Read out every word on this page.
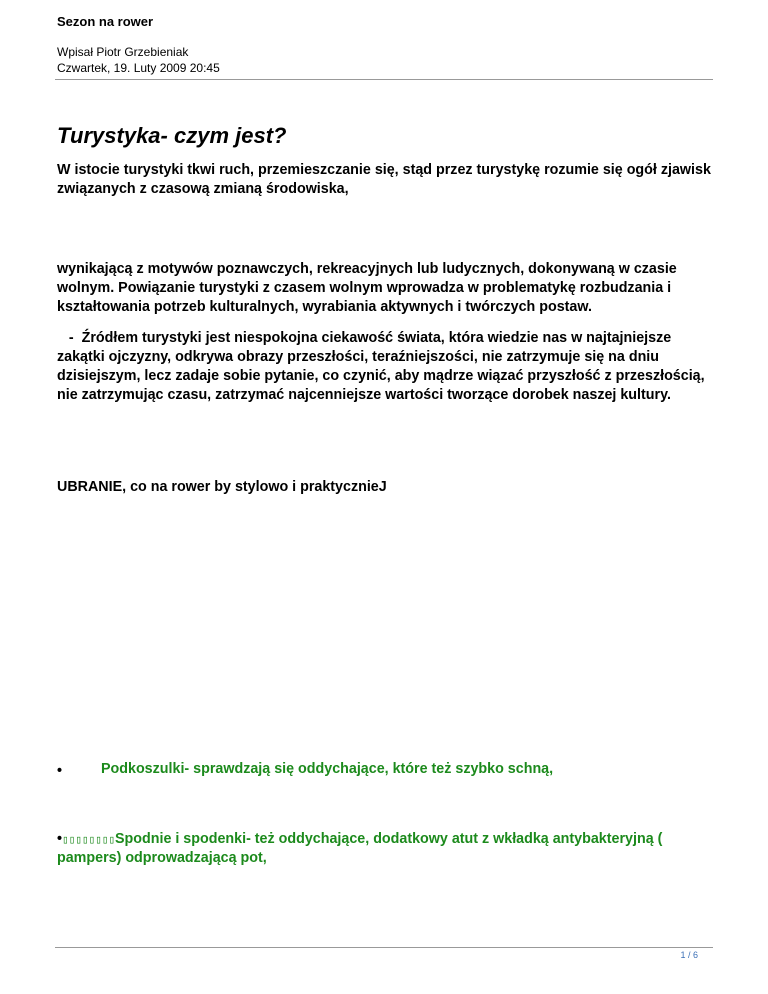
Sezon na rower
Wpisał Piotr Grzebieniak
Czwartek, 19. Luty 2009 20:45
Turystyka- czym jest?
W istocie turystyki tkwi ruch, przemieszczanie się, stąd przez turystykę rozumie się ogół zjawisk związanych z czasową zmianą środowiska,
wynikającą z motywów poznawczych, rekreacyjnych lub ludycznych, dokonywaną w czasie wolnym. Powiązanie turystyki z czasem wolnym wprowadza w problematykę rozbudzania i kształtowania potrzeb kulturalnych, wyrabiania aktywnych i twórczych postaw.
-  Źródłem turystyki jest niespokojna ciekawość świata, która wiedzie nas w najtajniejsze zakątki ojczyzny, odkrywa obrazy przeszłości, teraźniejszości, nie zatrzymuje się na dniu dzisiejszym, lecz zadaje sobie pytanie, co czynić, aby mądrze wiązać przyszłość z przeszłością, nie zatrzymując czasu, zatrzymać najcenniejsze wartości tworzące dorobek naszej kultury.
UBRANIE, co na rower by stylowo i praktycznieJ
•	Podkoszulki- sprawdzają się oddychające, które też szybko schną,
•▯▯▯▯▯▯▯▯Spodnie i spodenki- też oddychające, dodatkowy atut z wkładką antybakteryjną ( pampers) odprowadzającą pot,
1 / 6
